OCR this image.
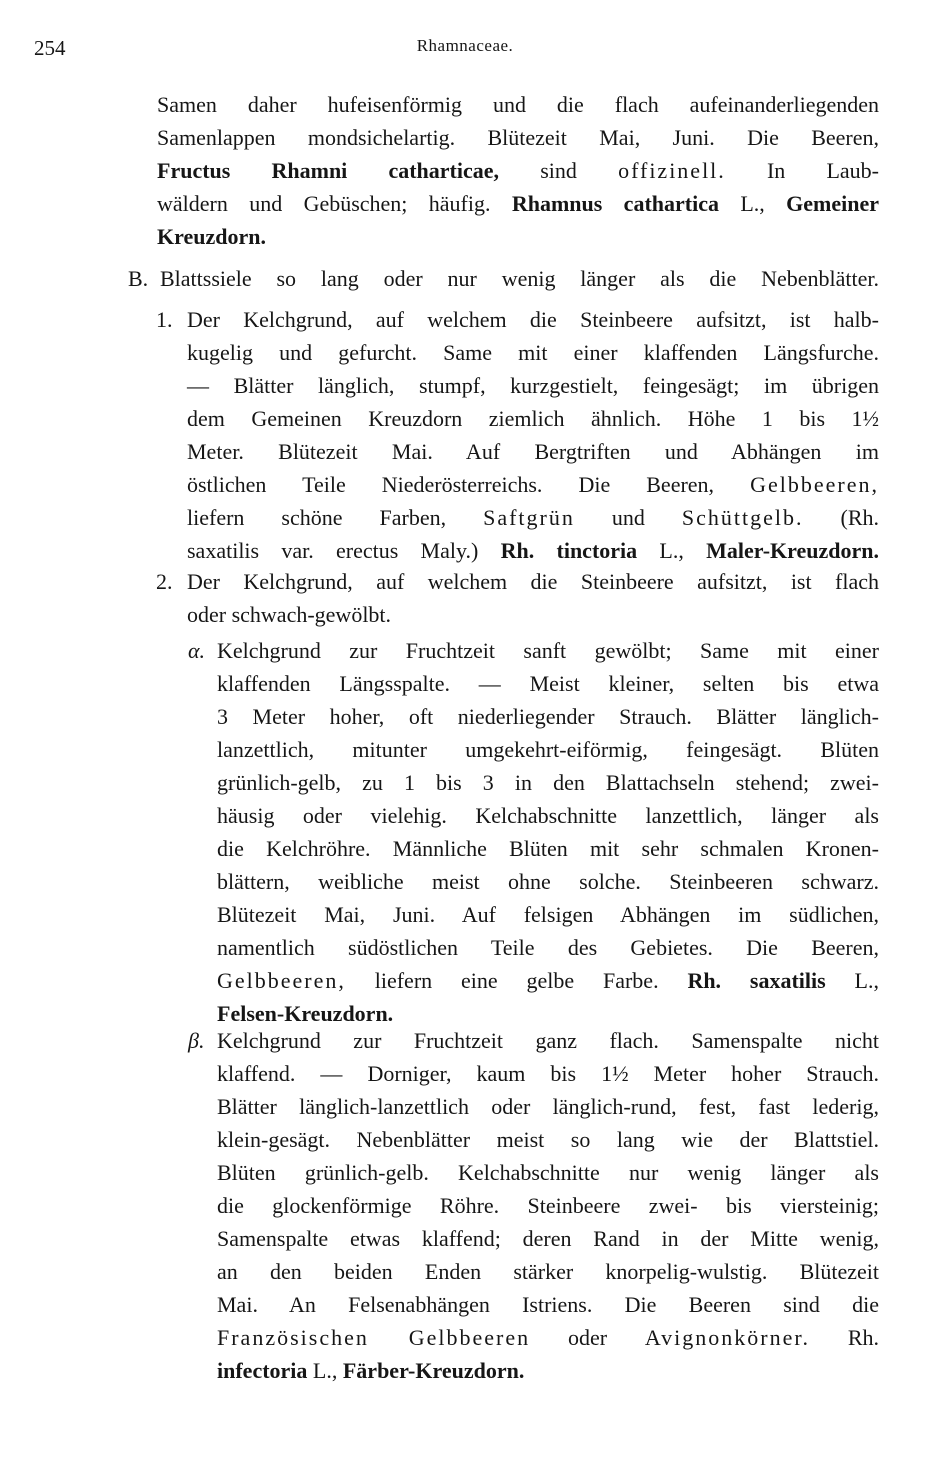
254	Rhamnaceae.
Samen daher hufeisenförmig und die flach aufeinanderliegenden
Samenlappen mondsichelartig. Blütezeit Mai, Juni. Die Beeren,
Fructus Rhamni catharticae, sind offizinell. In Laub-
wäldern und Gebüschen; häufig. Rhamnus cathartica L., Gemeiner
Kreuzdorn.
B. Blattssiele so lang oder nur wenig länger als die Nebenblätter.
1. Der Kelchgrund, auf welchem die Steinbeere aufsitzt, ist halb-
kugelig und gefurcht. Same mit einer klaffenden Längsfurche.
— Blätter länglich, stumpf, kurzgestielt, feingesägt; im übrigen
dem Gemeinen Kreuzdorn ziemlich ähnlich. Höhe 1 bis 1½
Meter. Blütezeit Mai. Auf Bergtriften und Abhängen im
östlichen Teile Niederösterreichs. Die Beeren, Gelbbeeren,
liefern schöne Farben, Saftgrün und Schüttgelb. (Rh.
saxatilis var. erectus Maly.) Rh. tinctoria L., Maler-Kreuzdorn.
2. Der Kelchgrund, auf welchem die Steinbeere aufsitzt, ist flach
oder schwach-gewölbt.
α. Kelchgrund zur Fruchtzeit sanft gewölbt; Same mit einer
klaffenden Längsspalte. — Meist kleiner, selten bis etwa
3 Meter hoher, oft niederliegender Strauch. Blätter länglich-
lanzettlich, mitunter umgekehrt-eiförmig, feingesägt. Blüten
grünlich-gelb, zu 1 bis 3 in den Blattachseln stehend; zwei-
häusig oder vielehig. Kelchabschnitte lanzettlich, länger als
die Kelchröhre. Männliche Blüten mit sehr schmalen Kronen-
blättern, weibliche meist ohne solche. Steinbeeren schwarz.
Blütezeit Mai, Juni. Auf felsigen Abhängen im südlichen,
namentlich südöstlichen Teile des Gebietes. Die Beeren,
Gelbbeeren, liefern eine gelbe Farbe. Rh. saxatilis L.,
Felsen-Kreuzdorn.
β. Kelchgrund zur Fruchtzeit ganz flach. Samenspalte nicht
klaffend. — Dorniger, kaum bis 1½ Meter hoher Strauch.
Blätter länglich-lanzettlich oder länglich-rund, fest, fast lederig,
klein-gesägt. Nebenblätter meist so lang wie der Blattstiel.
Blüten grünlich-gelb. Kelchabschnitte nur wenig länger als
die glockenförmige Röhre. Steinbeere zwei- bis viersteinig;
Samenspalte etwas klaffend; deren Rand in der Mitte wenig,
an den beiden Enden stärker knorpelig-wulstig. Blütezeit
Mai. An Felsenabhängen Istriens. Die Beeren sind die
Französischen Gelbbeeren oder Avignonkörner. Rh.
infectoria L., Färber-Kreuzdorn.
